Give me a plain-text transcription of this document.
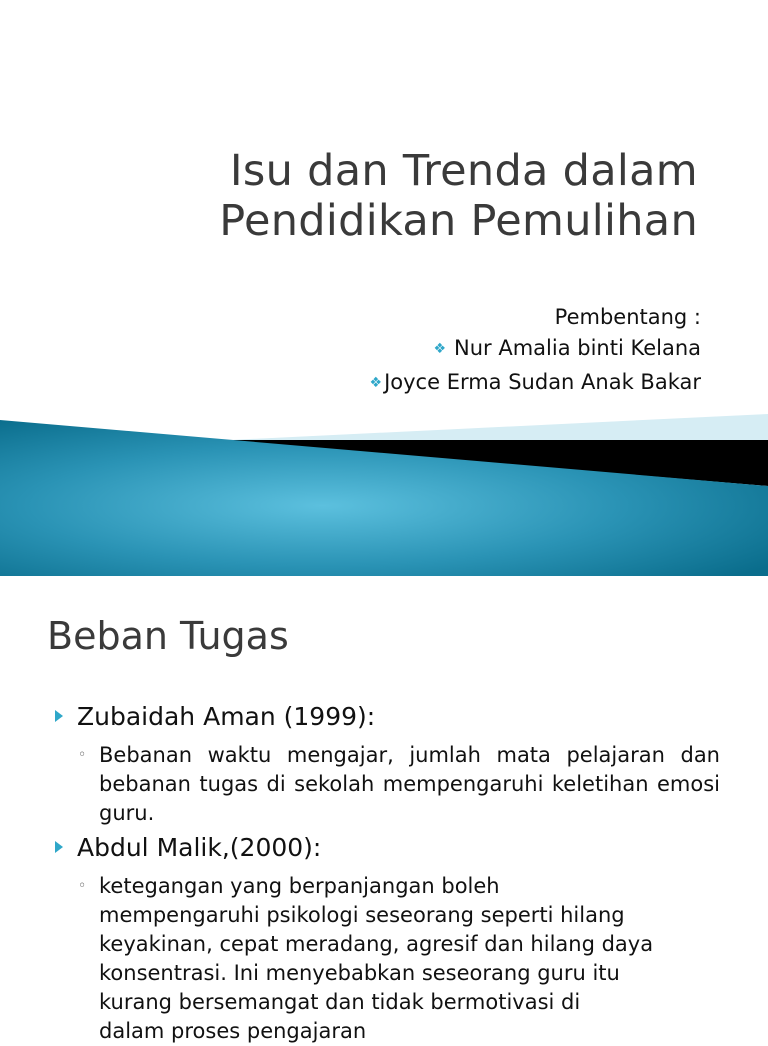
Isu dan Trenda dalam
Pendidikan Pemulihan
Pembentang :
❖ Nur Amalia binti Kelana
❖Joyce Erma Sudan Anak Bakar
Beban Tugas
Zubaidah Aman (1999):
◦ Bebanan waktu mengajar, jumlah mata pelajaran dan bebanan tugas di sekolah mempengaruhi keletihan emosi guru.
Abdul Malik,(2000):
◦ ketegangan yang berpanjangan boleh
mempengaruhi psikologi seseorang seperti hilang
keyakinan, cepat meradang, agresif dan hilang daya
konsentrasi. Ini menyebabkan seseorang guru itu
kurang bersemangat dan tidak bermotivasi di
dalam proses pengajaran
